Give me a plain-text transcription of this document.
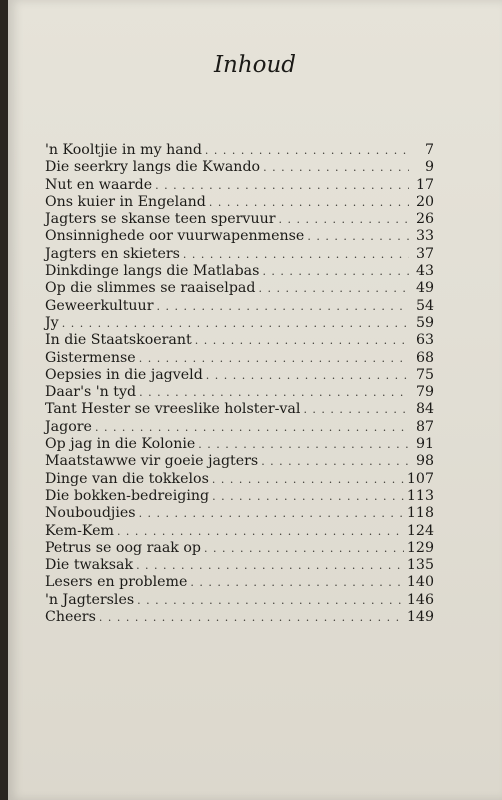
Inhoud
'n Kooltjie in my hand . . .	7
Die seerkry langs die Kwando . . .	9
Nut en waarde . . .	17
Ons kuier in Engeland . . .	20
Jagters se skanse teen spervuur . . .	26
Onsinnighede oor vuurwapenmense . . .	33
Jagters en skieters . . .	37
Dinkdinge langs die Matlabas . . .	43
Op die slimmes se raaiselpad . . .	49
Geweerkultuur . . .	54
Jy . . .	59
In die Staatskoerant . . .	63
Gistermense . . .	68
Oepsies in die jagveld . . .	75
Daar's 'n tyd . . .	79
Tant Hester se vreeslike holster-val . . .	84
Jagore . . .	87
Op jag in die Kolonie . . .	91
Maatstawwe vir goeie jagters . . .	98
Dinge van die tokkelos . . .	107
Die bokken-bedreiging . . .	113
Nouboudjies . . .	118
Kem-Kem . . .	124
Petrus se oog raak op . . .	129
Die twaksak . . .	135
Lesers en probleme . . .	140
'n Jagtersles . . .	146
Cheers . . .	149
